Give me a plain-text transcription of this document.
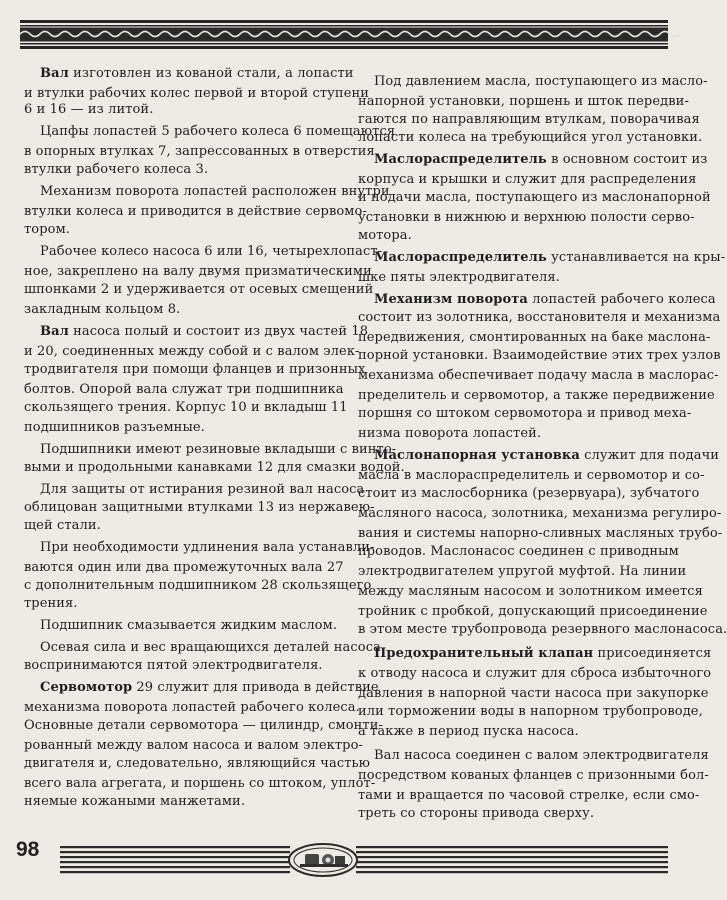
Вал изготовлен из кованой стали, а лопасти
и втулки рабочих колес первой и второй ступени
6 и 16 — из литой.
Цапфы лопастей 5 рабочего колеса 6 помещаются
в опорных втулках 7, запрессованных в отверстия
втулки рабочего колеса 3.
Механизм поворота лопастей расположен внутри
втулки колеса и приводится в действие сервомо-
тором.
Рабочее колесо насоса 6 или 16, четырехлопаст-
ное, закреплено на валу двумя призматическими
шпонками 2 и удерживается от осевых смещений
закладным кольцом 8.
Вал насоса полый и состоит из двух частей 18
и 20, соединенных между собой и с валом элек-
тродвигателя при помощи фланцев и призонных
болтов. Опорой вала служат три подшипника
скользящего трения. Корпус 10 и вкладыш 11
подшипников разъемные.
Подшипники имеют резиновые вкладыши с винто-
выми и продольными канавками 12 для смазки водой.
Для защиты от истирания резиной вал насоса
облицован защитными втулками 13 из нержавею-
щей стали.
При необходимости удлинения вала устанавли-
ваются один или два промежуточных вала 27
с дополнительным подшипником 28 скользящего
трения.
Подшипник смазывается жидким маслом.
Осевая сила и вес вращающихся деталей насоса
воспринимаются пятой электродвигателя.
Сервомотор 29 служит для привода в действие
механизма поворота лопастей рабочего колеса.
Основные детали сервомотора — цилиндр, смонти-
рованный между валом насоса и валом электро-
двигателя и, следовательно, являющийся частью
всего вала агрегата, и поршень со штоком, уплот-
няемые кожаными манжетами.
Под давлением масла, поступающего из масло-
напорной установки, поршень и шток передви-
гаются по направляющим втулкам, поворачивая
лопасти колеса на требующийся угол установки.
Маслораспределитель в основном состоит из
корпуса и крышки и служит для распределения
и подачи масла, поступающего из маслонапорной
установки в нижнюю и верхнюю полости серво-
мотора.
Маслораспределитель устанавливается на кры-
шке пяты электродвигателя.
Механизм поворота лопастей рабочего колеса
состоит из золотника, восстановителя и механизма
передвижения, смонтированных на баке маслона-
порной установки. Взаимодействие этих трех узлов
механизма обеспечивает подачу масла в маслорас-
пределитель и сервомотор, а также передвижение
поршня со штоком сервомотора и привод меха-
низма поворота лопастей.
Маслонапорная установка служит для подачи
масла в маслораспределитель и сервомотор и со-
стоит из маслосборника (резервуара), зубчатого
масляного насоса, золотника, механизма регулиро-
вания и системы напорно-сливных масляных трубо-
проводов. Маслонасос соединен с приводным
электродвигателем упругой муфтой. На линии
между масляным насосом и золотником имеется
тройник с пробкой, допускающий присоединение
в этом месте трубопровода резервного маслонасоса.
Предохранительный клапан присоединяется
к отводу насоса и служит для сброса избыточного
давления в напорной части насоса при закупорке
или торможении воды в напорном трубопроводе,
а также в период пуска насоса.
Вал насоса соединен с валом электродвигателя
посредством кованых фланцев с призонными бол-
тами и вращается по часовой стрелке, если смо-
треть со стороны привода сверху.
98
